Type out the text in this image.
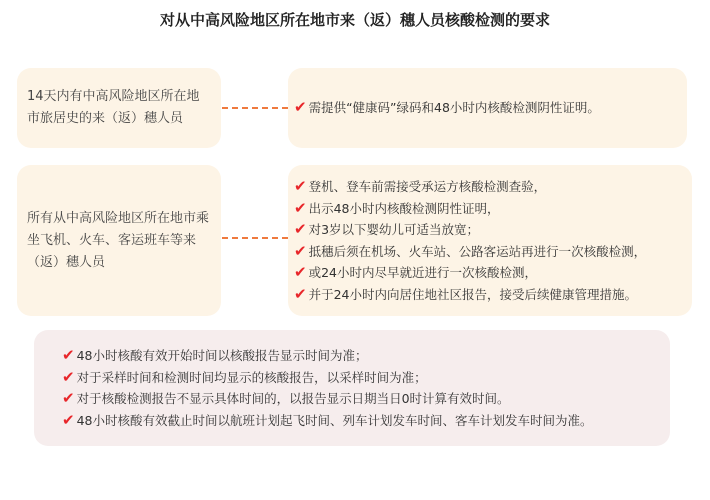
对从中高风险地区所在地市来（返）穗人员核酸检测的要求
14天内有中高风险地区所在地市旅居史的来（返）穗人员
✔ 需提供“健康码”绿码和48小时内核酸检测阴性证明。
所有从中高风险地区所在地市乘坐飞机、火车、客运班车等来（返）穗人员
✔ 登机、登车前需接受承运方核酸检测查验，
✔ 出示48小时内核酸检测阴性证明，
✔ 对3岁以下婴幼儿可适当放宽；
✔ 抵穗后须在机场、火车站、公路客运站再进行一次核酸检测，
✔ 或24小时内尽早就近进行一次核酸检测，
✔ 并于24小时内向居住地社区报告，接受后续健康管理措施。
✔ 48小时核酸有效开始时间以核酸报告显示时间为准；
✔ 对于采样时间和检测时间均显示的核酸报告，以采样时间为准；
✔ 对于核酸检测报告不显示具体时间的，以报告显示日期当日0时计算有效时间。
✔ 48小时核酸有效截止时间以航班计划起飞时间、列车计划发车时间、客车计划发车时间为准。
